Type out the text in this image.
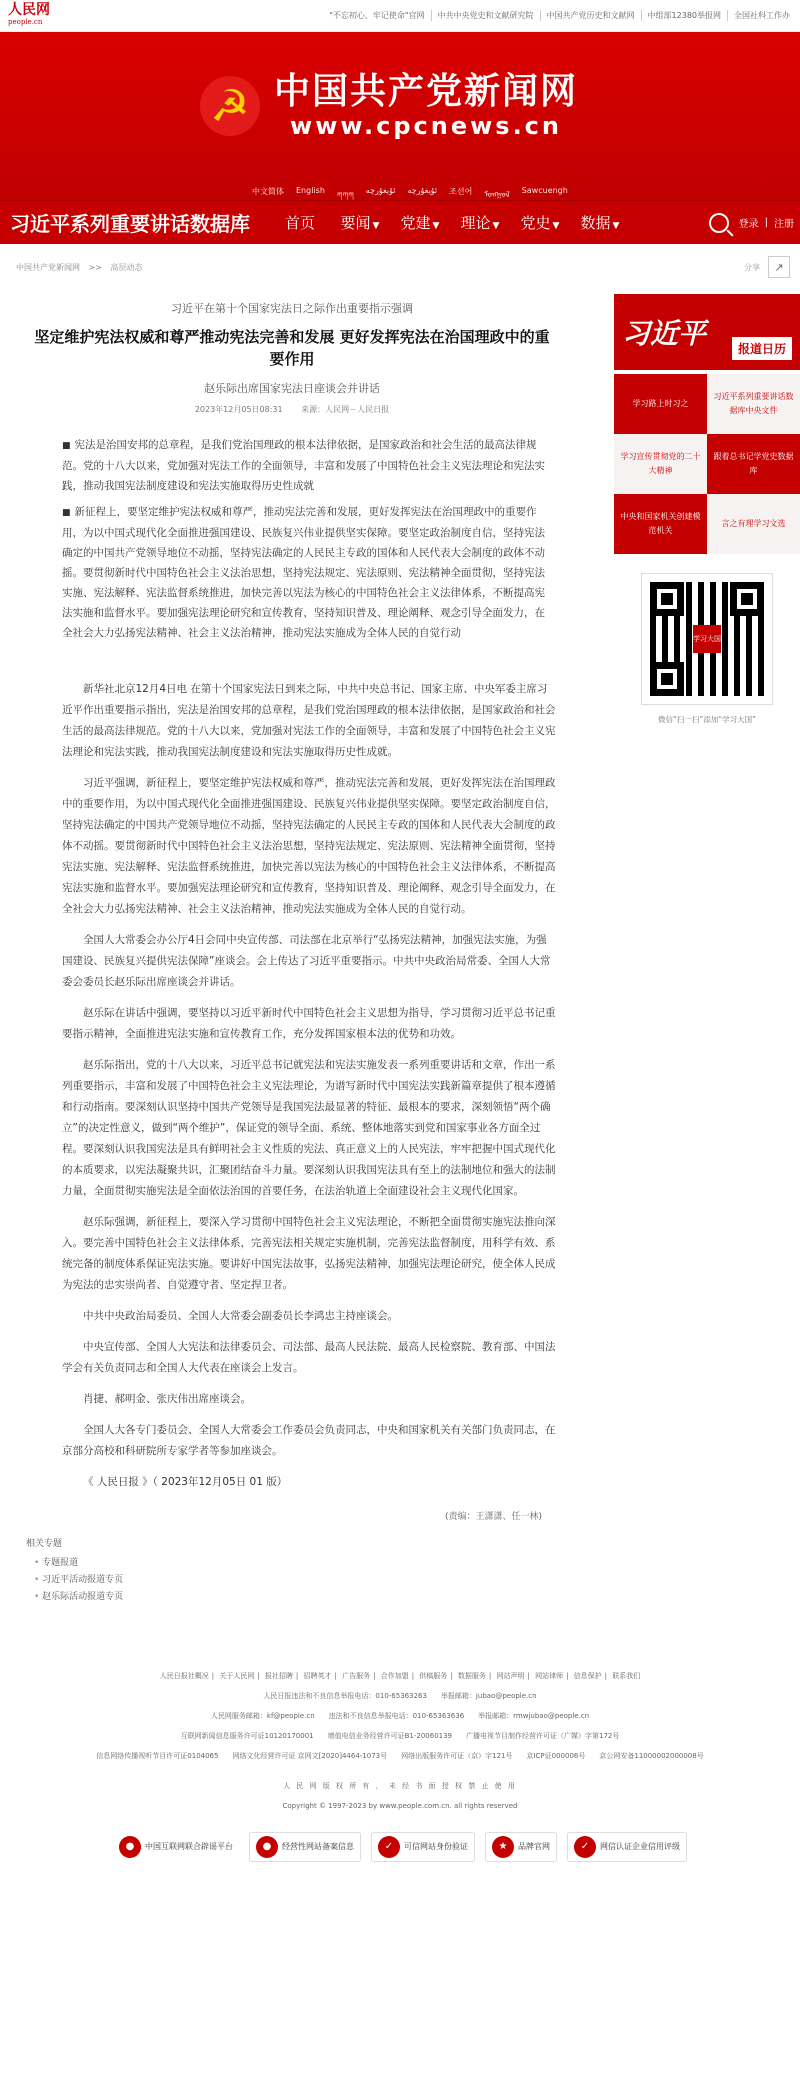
人民网
people.cn
"不忘初心、牢记使命"官网	中共中央党史和文献研究院	中国共产党历史和文献网	中组部12380举报网	全国社科工作办
☭ 中国共产党新闻网
www.cpcnews.cn
中文简体 English
ཀཀཀ
ئۇيغۇرچە ئۇيغۇرچە 조선어 ᠮᠣᠩᠭᠣᠯ Sawcuengh
习近平系列重要讲话数据库	首页	要闻 ▼	党建 ▼	理论 ▼	党史 ▼	数据 ▼	登录 | 注册
中国共产党新闻网 >> 高层动态	分享	↗
习近平在第十个国家宪法日之际作出重要指示强调
坚定维护宪法权威和尊严推动宪法完善和发展 更好发挥宪法在治国理政中的重要作用
赵乐际出席国家宪法日座谈会并讲话
2023年12月05日08:31 来源：人民网－人民日报

■ 宪法是治国安邦的总章程，是我们党治国理政的根本法律依据，是国家政治和社会生活的最高法律规范。党的十八大以来，党加强对宪法工作的全面领导，丰富和发展了中国特色社会主义宪法理论和宪法实践，推动我国宪法制度建设和宪法实施取得历史性成就

■ 新征程上，要坚定维护宪法权威和尊严，推动宪法完善和发展，更好发挥宪法在治国理政中的重要作用，为以中国式现代化全面推进强国建设、民族复兴伟业提供坚实保障。要坚定政治制度自信，坚持宪法确定的中国共产党领导地位不动摇，坚持宪法确定的人民民主专政的国体和人民代表大会制度的政体不动摇。要贯彻新时代中国特色社会主义法治思想，坚持宪法规定、宪法原则、宪法精神全面贯彻，坚持宪法实施、宪法解释、宪法监督系统推进，加快完善以宪法为核心的中国特色社会主义法律体系，不断提高宪法实施和监督水平。要加强宪法理论研究和宣传教育，坚持知识普及、理论阐释、观念引导全面发力，在全社会大力弘扬宪法精神、社会主义法治精神，推动宪法实施成为全体人民的自觉行动

新华社北京12月4日电 在第十个国家宪法日到来之际，中共中央总书记、国家主席、中央军委主席习近平作出重要指示指出，宪法是治国安邦的总章程，是我们党治国理政的根本法律依据，是国家政治和社会生活的最高法律规范。党的十八大以来，党加强对宪法工作的全面领导，丰富和发展了中国特色社会主义宪法理论和宪法实践，推动我国宪法制度建设和宪法实施取得历史性成就。

习近平强调，新征程上，要坚定维护宪法权威和尊严，推动宪法完善和发展，更好发挥宪法在治国理政中的重要作用，为以中国式现代化全面推进强国建设、民族复兴伟业提供坚实保障。要坚定政治制度自信，坚持宪法确定的中国共产党领导地位不动摇，坚持宪法确定的人民民主专政的国体和人民代表大会制度的政体不动摇。要贯彻新时代中国特色社会主义法治思想，坚持宪法规定、宪法原则、宪法精神全面贯彻，坚持宪法实施、宪法解释、宪法监督系统推进，加快完善以宪法为核心的中国特色社会主义法律体系，不断提高宪法实施和监督水平。要加强宪法理论研究和宣传教育，坚持知识普及、理论阐释、观念引导全面发力，在全社会大力弘扬宪法精神、社会主义法治精神，推动宪法实施成为全体人民的自觉行动。

全国人大常委会办公厅4日会同中央宣传部、司法部在北京举行“弘扬宪法精神，加强宪法实施，为强国建设、民族复兴提供宪法保障”座谈会。会上传达了习近平重要指示。中共中央政治局常委、全国人大常委会委员长赵乐际出席座谈会并讲话。

赵乐际在讲话中强调，要坚持以习近平新时代中国特色社会主义思想为指导，学习贯彻习近平总书记重要指示精神，全面推进宪法实施和宣传教育工作，充分发挥国家根本法的优势和功效。

赵乐际指出，党的十八大以来，习近平总书记就宪法和宪法实施发表一系列重要讲话和文章，作出一系列重要指示，丰富和发展了中国特色社会主义宪法理论，为谱写新时代中国宪法实践新篇章提供了根本遵循和行动指南。要深刻认识坚持中国共产党领导是我国宪法最显著的特征、最根本的要求，深刻领悟“两个确立”的决定性意义，做到“两个维护”，保证党的领导全面、系统、整体地落实到党和国家事业各方面全过程。要深刻认识我国宪法是具有鲜明社会主义性质的宪法、真正意义上的人民宪法，牢牢把握中国式现代化的本质要求，以宪法凝聚共识，汇聚团结奋斗力量。要深刻认识我国宪法具有至上的法制地位和强大的法制力量，全面贯彻实施宪法是全面依法治国的首要任务，在法治轨道上全面建设社会主义现代化国家。

赵乐际强调，新征程上，要深入学习贯彻中国特色社会主义宪法理论，不断把全面贯彻实施宪法推向深入。要完善中国特色社会主义法律体系，完善宪法相关规定实施机制，完善宪法监督制度，用科学有效、系统完备的制度体系保证宪法实施。要讲好中国宪法故事，弘扬宪法精神，加强宪法理论研究，使全体人民成为宪法的忠实崇尚者、自觉遵守者、坚定捍卫者。

中共中央政治局委员、全国人大常委会副委员长李鸿忠主持座谈会。

中央宣传部、全国人大宪法和法律委员会、司法部、最高人民法院、最高人民检察院、教育部、中国法学会有关负责同志和全国人大代表在座谈会上发言。

肖捷、郝明金、张庆伟出席座谈会。

全国人大各专门委员会、全国人大常委会工作委员会负责同志，中央和国家机关有关部门负责同志，在京部分高校和科研院所专家学者等参加座谈会。

《 人民日报 》（ 2023年12月05日 01 版）

(责编：王潇潇、任一林)
相关专题
• 专题报道
• 习近平活动报道专页
• 赵乐际活动报道专页
习近平	报道日历
学习路上时习之
习近平系列重要讲话数据库中央文件
学习宣传贯彻党的二十大精神
跟着总书记学党史数据库
中央和国家机关创建模范机关
言之有理学习文选
学习大国
微信“扫一扫”添加“学习大国”
人民日报社概况 | 关于人民网 | 报社招聘 | 招聘英才 | 广告服务 | 合作加盟 | 供稿服务 | 数据服务 | 网站声明 | 网站律师 | 信息保护 | 联系我们
人民日报违法和不良信息举报电话：010-65363263　　举报邮箱：jubao@people.cn
人民网服务邮箱：kf@people.cn　　违法和不良信息举报电话：010-65363636　　举报邮箱：rmwjubao@people.cn
互联网新闻信息服务许可证10120170001　　增值电信业务经营许可证B1-20060139　　广播电视节目制作经营许可证（广媒）字第172号
信息网络传播视听节目许可证0104065　　网络文化经营许可证 京网文[2020]4464-1073号　　网络出版服务许可证（京）字121号　　京ICP证000006号　　京公网安备11000002000008号
人 民 网 版 权 所 有 ， 未 经 书 面 授 权 禁 止 使 用
Copyright © 1997-2023 by www.people.com.cn. all rights reserved
●	中国互联网联合辟谣平台	●	经营性网站备案信息	✓	可信网站身份验证	★	品牌官网	✓	网信认证企业信用评级
